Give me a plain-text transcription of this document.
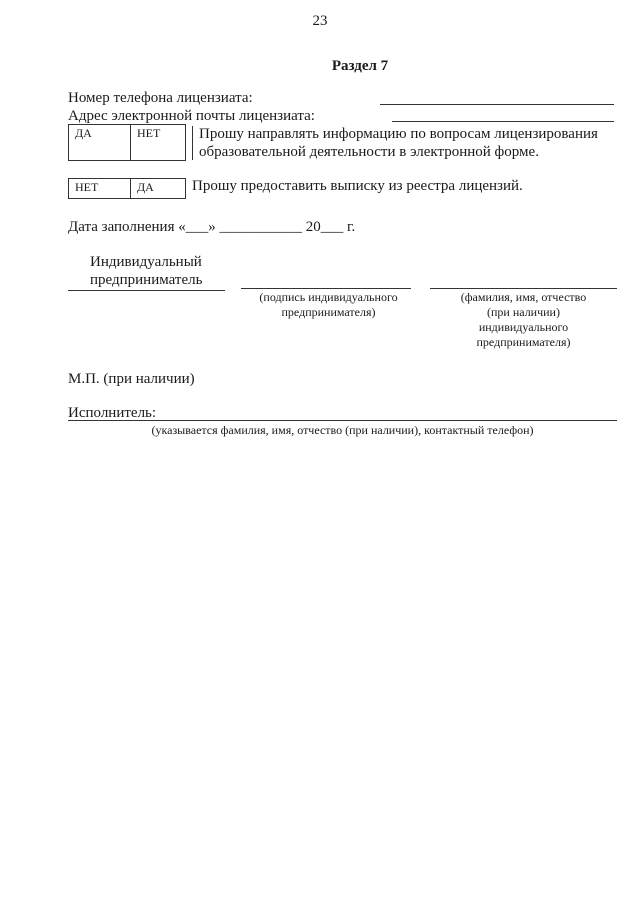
23
Раздел 7
Номер телефона лицензиата:
Адрес электронной почты лицензиата:
ДА	НЕТ	Прошу направлять информацию по вопросам лицензирования
образовательной деятельности в электронной форме.
НЕТ	ДА	Прошу предоставить выписку из реестра лицензий.
Дата заполнения «___» ___________ 20___ г.
Индивидуальный
предприниматель
(подпись индивидуального
предпринимателя)
(фамилия, имя, отчество
(при наличии)
индивидуального
предпринимателя)
М.П. (при наличии)
Исполнитель:
(указывается фамилия, имя, отчество (при наличии), контактный телефон)
